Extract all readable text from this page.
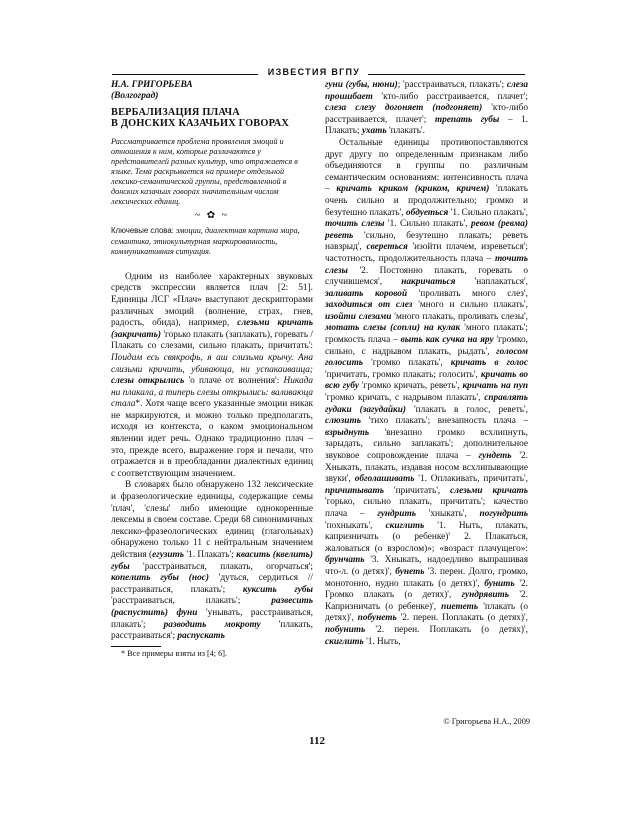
ИЗВЕСТИЯ ВГПУ
Н.А. ГРИГОРЬЕВА
(Волгоград)
ВЕРБАЛИЗАЦИЯ ПЛАЧА
В ДОНСКИХ КАЗАЧЬИХ ГОВОРАХ
Рассматривается проблема проявления эмоций и отношения к ним, которые различаются у представителей разных культур, что отражается в языке. Тема раскрывается на примере отдельной лексико-семантической группы, представленной в донских казачьих говорах значительным числом лексических единиц.
~ ✿ ~
Ключевые слова: эмоции, диалектная картина мира, семантика, этнокультурная маркированность, коммуникативная ситуация.

Одним из наиболее характерных звуковых средств экспрессии является плач [2: 51]. Единицы ЛСГ «Плач» выступают дескрипторами различных эмоций (волнение, страх, гнев, радость, обида), например, слезьми кричать (закричать) 'горько плакать (заплакать), горевать / Плакать со слезами, сильно плакать, причитать': Поидам есь свякрофь, я аш слизьми крычу. Ана слизьми кричить, убивающа, ни успакаиваица; слезы открылись 'о плаче от волнения': Никада ни плакала, а типерь слезы открылись: валиваюца стала*. Хотя чаще всего указанные эмоции никак не маркируются, и можно только предполагать, исходя из контекста, о каком эмоциональном явлении идет речь. Однако традиционно плач – это, прежде всего, выражение горя и печали, что отражается и в преобладании диалектных единиц с соответствующим значением.

В словарях было обнаружено 132 лексические и фразеологические единицы, содержащие семы 'плач', 'слезы' либо имеющие однокоренные лексемы в своем составе. Среди 68 синонимичных лексико-фразеологических единиц (глагольных) обнаружено только 11 с нейтральным значением действия (егузить '1. Плакать'; квасить (квелить) губы 'расстраиваться, плакать, огорчаться'; копелить губы (нос) 'дуться, сердиться // расстраиваться, плакать'; куксить губы 'расстраиваться, плакать'; развесить (распустить) фуни 'унывать, расстраиваться, плакать'; разводить мокроту 'плакать, расстраиваться'; распускать

* Все примеры взяты из [4; 6].

гуни (губы, нюни); 'расстраиваться, плакать'; слеза прошибает 'кто-либо расстраивается, плачет'; слеза слезу догоняет (подгоняет) 'кто-либо расстраивается, плачет'; трепать губы – 1. Плакать; ухать 'плакать'.

Остальные единицы противопоставляются друг другу по определенным признакам либо объединяются в группы по различным семантическим основаниям: интенсивность плача – кричать криком (криком, кричем) 'плакать очень сильно и продолжительно; громко и безутешно плакать', обдуеться '1. Сильно плакать', точить слезы '1. Сильно плакать', ревом (ревма) реветь 'сильно, безутешно плакать; реветь навзрыд', свереться 'изойти плачем, изреветься'; частотность, продолжительность плача – точить слезы '2. Постоянно плакать, горевать о случившемся', накричаться 'наплакаться', заливать коровой 'проливать много слез', заходиться от слез 'много и сильно плакать', изойти слезами 'много плакать, проливать слезы', мотать слезы (сопли) на кулак 'много плакать'; громкость плача – выть как сучка на яру 'громко, сильно, с надрывом плакать, рыдать', голосом голосить 'громко плакать', кричать в голос 'причитать, громко плакать; голосить', кричать во всю губу 'громко кричать, реветь', кричать на пуп 'громко кричать, с надрывом плакать', справлять гудаки (загудайки) 'плакать в голос, реветь', слюзить 'тихо плакать'; внезапность плача – взрыднуть 'внезапно громко всхлипнуть, зарыдать, сильно заплакать'; дополнительное звуковое сопровождение плача – гундеть '2. Хныкать, плакать, издавая носом всхлипывающие звуки', обголашивать '1. Оплакивать, причитать', причитывать 'причитать', слезьми кричать 'горько, сильно плакать, причитать'; качество плача – гундрить 'хныкать', погундрить 'похныкать', скиглить '1. Ныть, плакать, капризничать (о ребенке)' 2. Плакаться, жаловаться (о взрослом)»; «возраст плачущего»: брунчать '3. Хныкать, надоедливо выпрашивая что-л. (о детях)', бунеть '3. перен. Долго, громко, монотонно, нудно плакать (о детях)', бунить '2. Громко плакать (о детях)', гундрявить '2. Капризничать (о ребенке)', пиететь 'плакать (о детях)', побунеть '2. перен. Поплакать (о детях)', побунить '2. перен. Поплакать (о детях)', скиглить '1. Ныть,

© Григорьева Н.А., 2009
112
